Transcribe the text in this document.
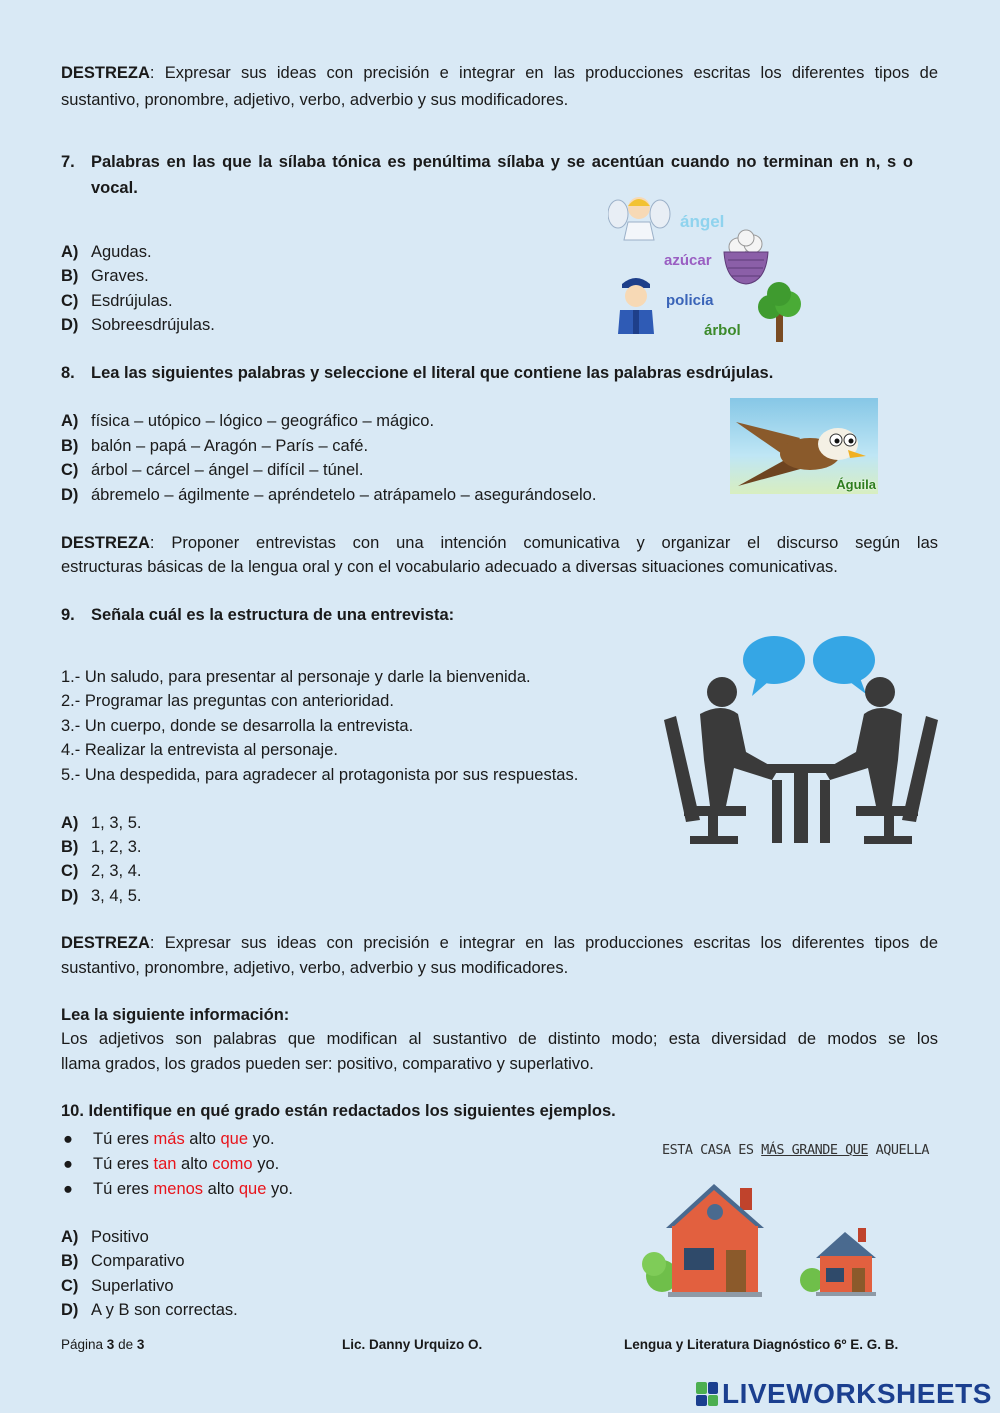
DESTREZA: Expresar sus ideas con precisión e integrar en las producciones escritas los diferentes tipos de
sustantivo, pronombre, adjetivo, verbo, adverbio y sus modificadores.
7. Palabras en las que la sílaba tónica es penúltima sílaba y se acentúan cuando no terminan en n, s o
vocal.
A) Agudas.
B) Graves.
C) Esdrújulas.
D) Sobreesdrújulas.
ángel
azúcar
policía
árbol
8. Lea las siguientes palabras y seleccione el literal que contiene las palabras esdrújulas.
A) física – utópico – lógico – geográfico – mágico.
B) balón – papá – Aragón – París – café.
C) árbol – cárcel – ángel – difícil – túnel.
D) ábremelo – ágilmente – apréndetelo – atrápamelo – asegurándoselo.
Águila
DESTREZA: Proponer entrevistas con una intención comunicativa y organizar el discurso según las
estructuras básicas de la lengua oral y con el vocabulario adecuado a diversas situaciones comunicativas.
9. Señala cuál es la estructura de una entrevista:
1.- Un saludo, para presentar al personaje y darle la bienvenida.
2.- Programar las preguntas con anterioridad.
3.- Un cuerpo, donde se desarrolla la entrevista.
4.- Realizar la entrevista al personaje.
5.- Una despedida, para agradecer al protagonista por sus respuestas.
A) 1, 3, 5.
B) 1, 2, 3.
C) 2, 3, 4.
D) 3, 4, 5.
DESTREZA: Expresar sus ideas con precisión e integrar en las producciones escritas los diferentes tipos de
sustantivo, pronombre, adjetivo, verbo, adverbio y sus modificadores.
Lea la siguiente información:
Los adjetivos son palabras que modifican al sustantivo de distinto modo; esta diversidad de modos se los
llama grados, los grados pueden ser: positivo, comparativo y superlativo.
10. Identifique en qué grado están redactados los siguientes ejemplos.
● Tú eres más alto que yo.
● Tú eres tan alto como yo.
● Tú eres menos alto que yo.
A) Positivo
B) Comparativo
C) Superlativo
D) A y B son correctas.
ESTA CASA ES MÁS GRANDE QUE AQUELLA
Página 3 de 3	Lic. Danny Urquizo O.	Lengua y Literatura Diagnóstico 6º E. G. B.
LIVEWORKSHEETS
